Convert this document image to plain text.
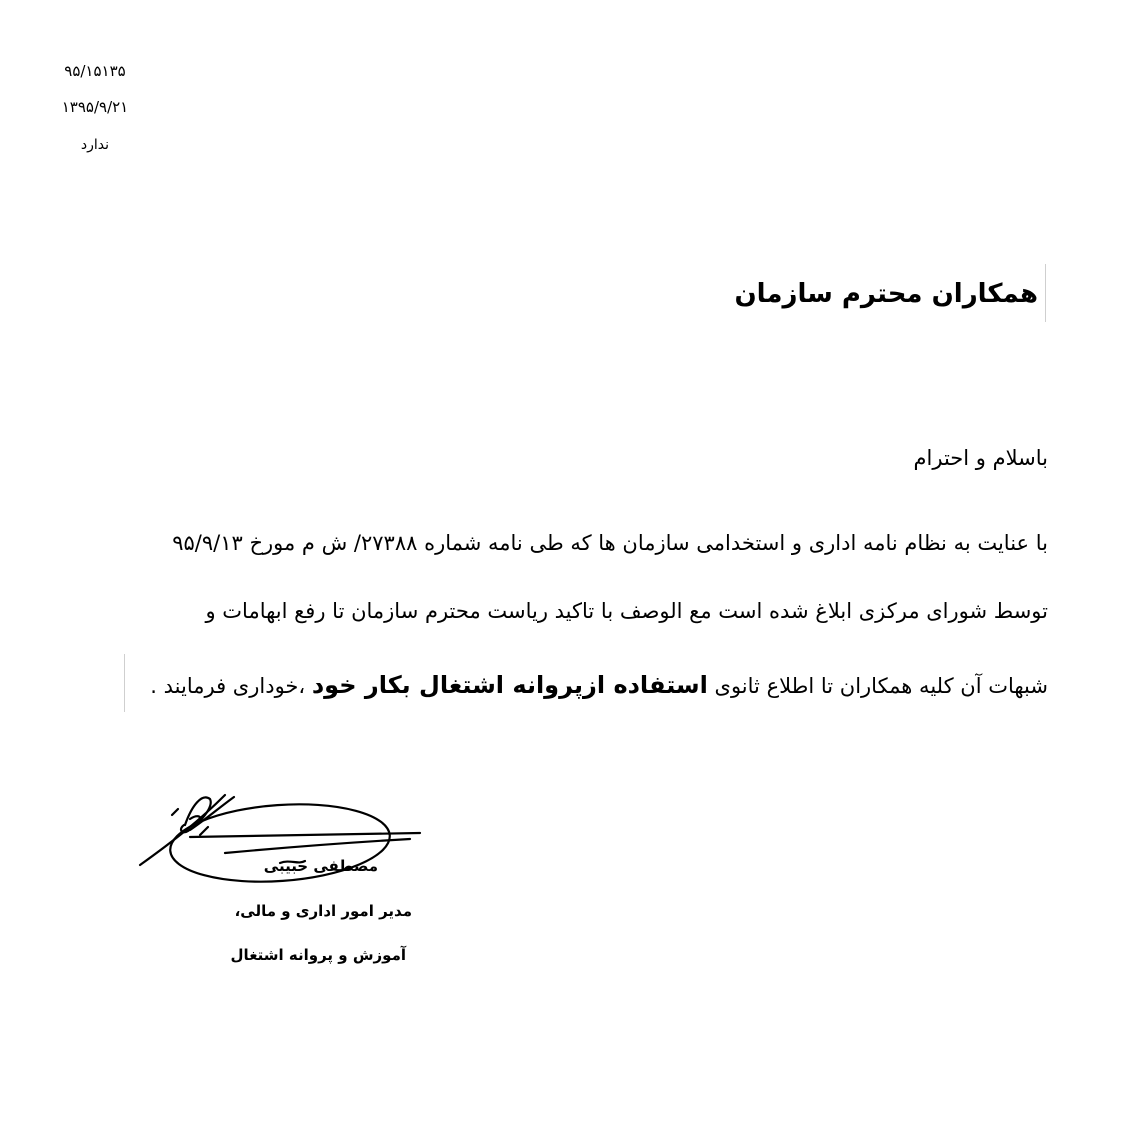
۹۵/۱۵۱۳۵
۱۳۹۵/۹/۲۱
ندارد
همکاران محترم سازمان
باسلام و احترام
با عنایت به نظام نامه اداری و استخدامی سازمان ها که طی نامه شماره ۲۷۳۸۸/ ش م مورخ ۹۵/۹/۱۳
توسط شورای مرکزی ابلاغ شده است مع الوصف با تاکید ریاست محترم سازمان تا رفع ابهامات و
شبهات آن کلیه همکاران تا اطلاع ثانوی استفاده ازپروانه اشتغال بکار خود ،خوداری فرمایند .
مصطفی حبیبی
مدیر امور اداری و مالی،
آموزش و پروانه اشتغال
